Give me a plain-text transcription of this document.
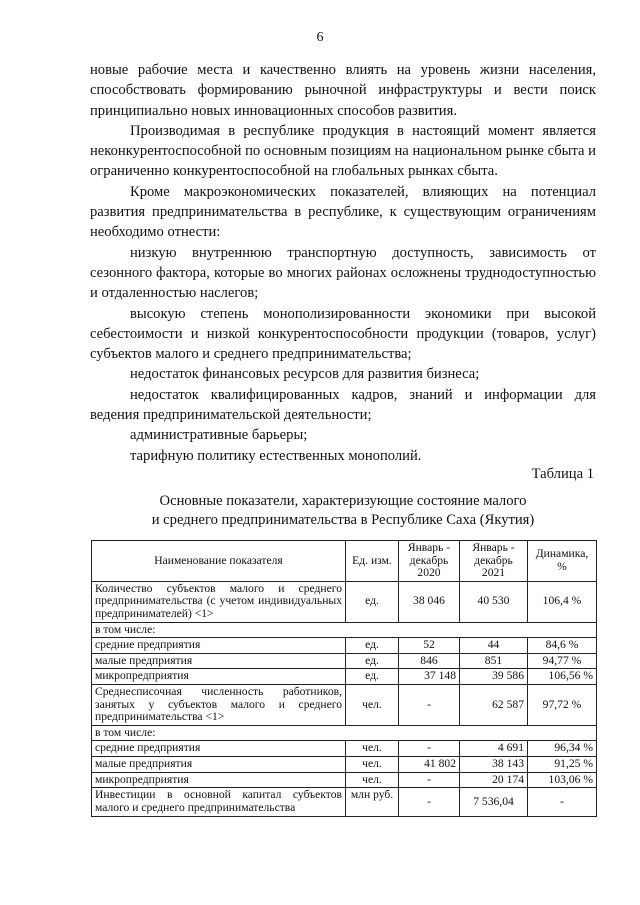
6

новые рабочие места и качественно влиять на уровень жизни населения, способствовать формированию рыночной инфраструктуры и вести поиск принципиально новых инновационных способов развития.

Производимая в республике продукция в настоящий момент является неконкурентоспособной по основным позициям на национальном рынке сбыта и ограниченно конкурентоспособной на глобальных рынках сбыта.

Кроме макроэкономических показателей, влияющих на потенциал развития предпринимательства в республике, к существующим ограничениям необходимо отнести:

низкую внутреннюю транспортную доступность, зависимость от сезонного фактора, которые во многих районах осложнены труднодоступностью и отдаленностью наслегов;

высокую степень монополизированности экономики при высокой себестоимости и низкой конкурентоспособности продукции (товаров, услуг) субъектов малого и среднего предпринимательства;

недостаток финансовых ресурсов для развития бизнеса;

недостаток квалифицированных кадров, знаний и информации для ведения предпринимательской деятельности;

административные барьеры;

тарифную политику естественных монополий.

Таблица 1
Основные показатели, характеризующие состояние малого
и среднего предпринимательства в Республике Саха (Якутия)
Наименование показателя	Ед. изм.	Январь - декабрь 2020	Январь - декабрь 2021	Динамика, %
Количество субъектов малого и среднего предпринимательства (с учетом индивидуальных предпринимателей) <1>	ед.	38 046	40 530	106,4 %
в том числе:				
средние предприятия	ед.	52	44	84,6 %
малые предприятия	ед.	846	851	94,77 %
микропредприятия	ед.	37 148	39 586	106,56 %
Среднесписочная численность работников, занятых у субъектов малого и среднего предпринимательства <1>	чел.	-	62 587	97,72 %
в том числе:				
средние предприятия	чел.	-	4 691	96,34 %
малые предприятия	чел.	41 802	38 143	91,25 %
микропредприятия	чел.	-	20 174	103,06 %
Инвестиции в основной капитал субъектов малого и среднего предпринимательства	млн руб.	-	7 536,04	-
